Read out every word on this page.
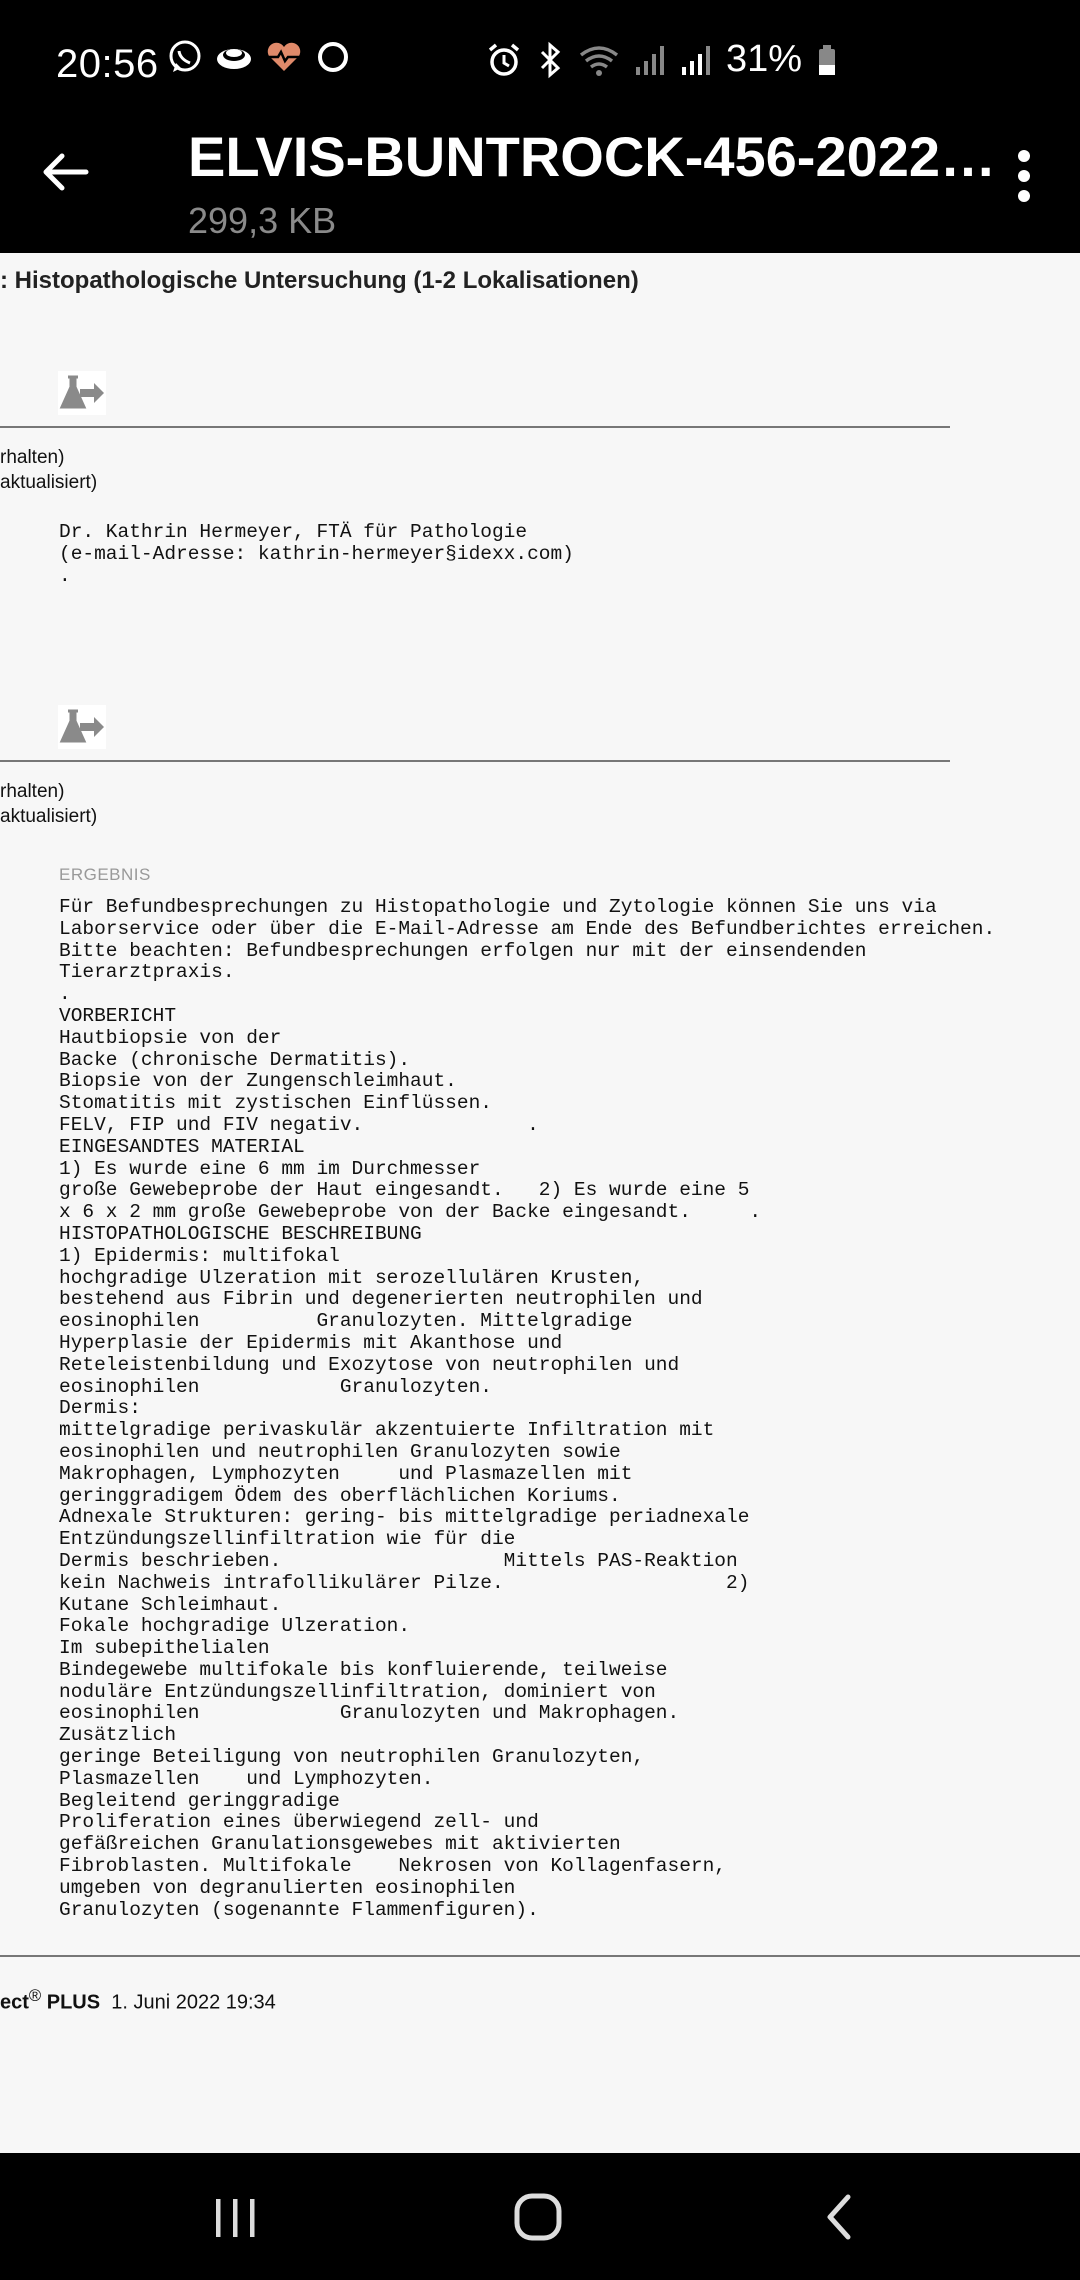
20:56	31%
ELVIS-BUNTROCK-456-2022…
299,3 KB
: Histopathologische Untersuchung (1-2 Lokalisationen)
rhalten)
aktualisiert)
Dr. Kathrin Hermeyer, FTÄ für Pathologie
(e-mail-Adresse: kathrin-hermeyer§idexx.com)
.
rhalten)
aktualisiert)
ERGEBNIS
Für Befundbesprechungen zu Histopathologie und Zytologie können Sie uns via
Laborservice oder über die E-Mail-Adresse am Ende des Befundberichtes erreichen.
Bitte beachten: Befundbesprechungen erfolgen nur mit der einsendenden
Tierarztpraxis.
.
VORBERICHT
Hautbiopsie von der
Backe (chronische Dermatitis).
Biopsie von der Zungenschleimhaut.
Stomatitis mit zystischen Einflüssen.
FELV, FIP und FIV negativ.              .
EINGESANDTES MATERIAL
1) Es wurde eine 6 mm im Durchmesser
große Gewebeprobe der Haut eingesandt.   2) Es wurde eine 5
x 6 x 2 mm große Gewebeprobe von der Backe eingesandt.     .
HISTOPATHOLOGISCHE BESCHREIBUNG
1) Epidermis: multifokal
hochgradige Ulzeration mit serozellulären Krusten,
bestehend aus Fibrin und degenerierten neutrophilen und
eosinophilen          Granulozyten. Mittelgradige
Hyperplasie der Epidermis mit Akanthose und
Reteleistenbildung und Exozytose von neutrophilen und
eosinophilen            Granulozyten.
Dermis:
mittelgradige perivaskulär akzentuierte Infiltration mit
eosinophilen und neutrophilen Granulozyten sowie
Makrophagen, Lymphozyten     und Plasmazellen mit
geringgradigem Ödem des oberflächlichen Koriums.
Adnexale Strukturen: gering- bis mittelgradige periadnexale
Entzündungszellinfiltration wie für die
Dermis beschrieben.                   Mittels PAS-Reaktion
kein Nachweis intrafollikulärer Pilze.                   2)
Kutane Schleimhaut.
Fokale hochgradige Ulzeration.
Im subepithelialen
Bindegewebe multifokale bis konfluierende, teilweise
noduläre Entzündungszellinfiltration, dominiert von
eosinophilen            Granulozyten und Makrophagen.
Zusätzlich
geringe Beteiligung von neutrophilen Granulozyten,
Plasmazellen    und Lymphozyten.
Begleitend geringgradige
Proliferation eines überwiegend zell- und
gefäßreichen Granulationsgewebes mit aktivierten
Fibroblasten. Multifokale    Nekrosen von Kollagenfasern,
umgeben von degranulierten eosinophilen
Granulozyten (sogenannte Flammenfiguren).
ect® PLUS 1. Juni 2022 19:34
